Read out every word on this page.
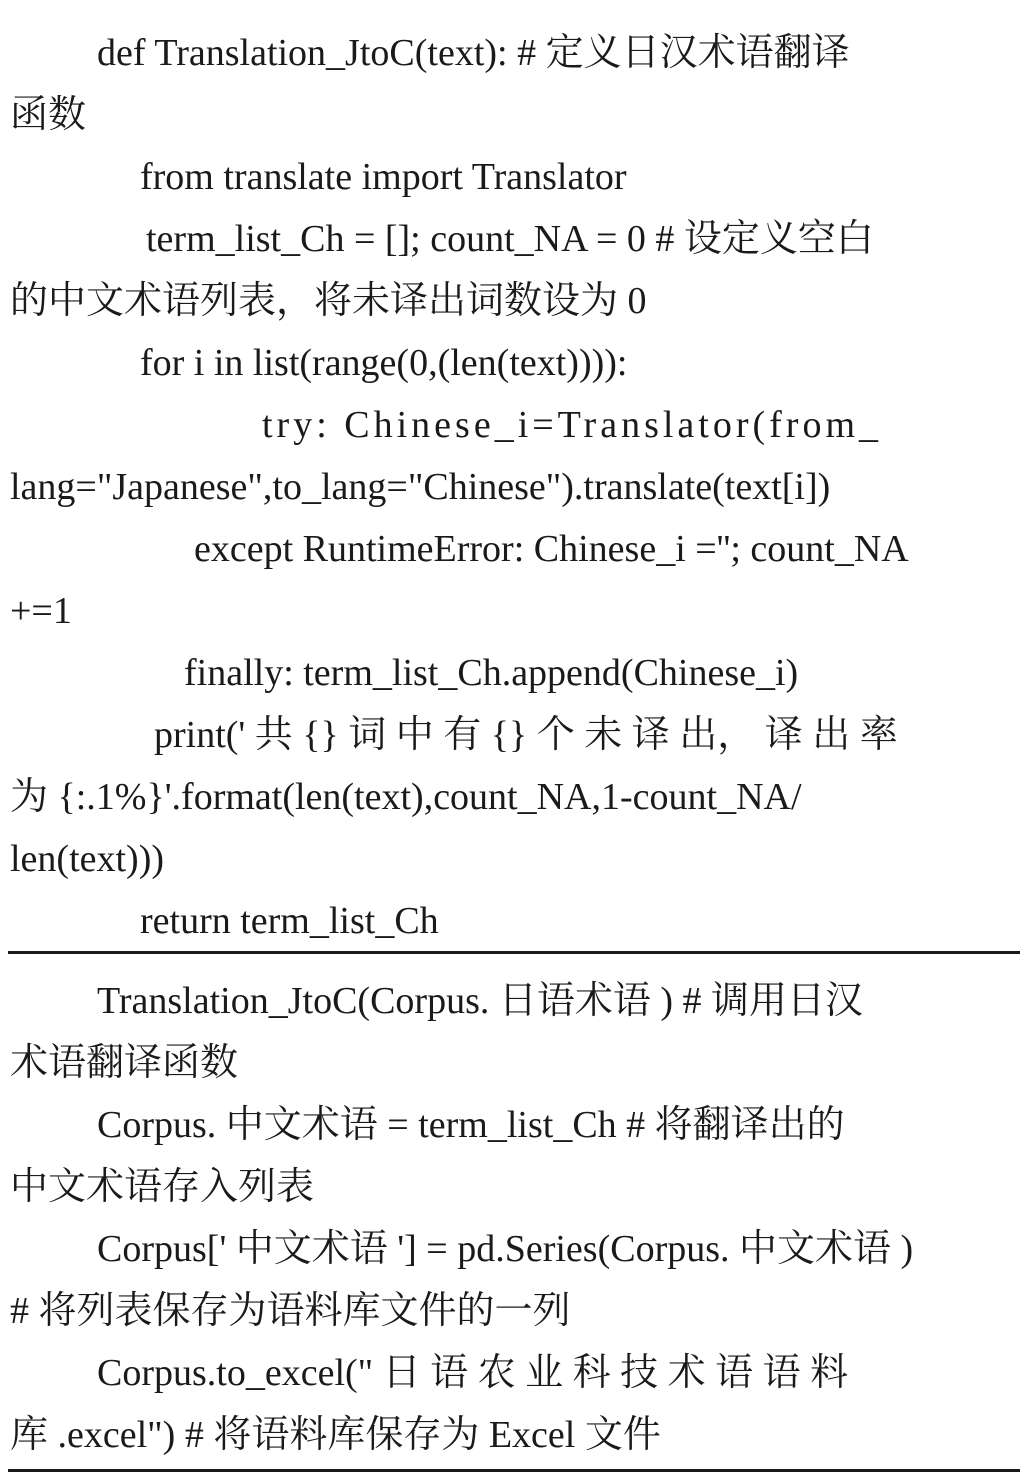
def Translation_JtoC(text): # 定义日汉术语翻译
函数
from translate import Translator
term_list_Ch = []; count_NA = 0 # 设定义空白
的中文术语列表，将未译出词数设为 0
for i in list(range(0,(len(text)))):
try: Chinese_i=Translator(from_
lang="Japanese",to_lang="Chinese").translate(text[i])
except RuntimeError: Chinese_i =''; count_NA
+=1
finally: term_list_Ch.append(Chinese_i)
print(' 共 {} 词 中 有 {} 个 未 译 出， 译 出 率
为 {:.1%}'.format(len(text),count_NA,1-count_NA/
len(text)))
return term_list_Ch
Translation_JtoC(Corpus. 日语术语 ) # 调用日汉
术语翻译函数
Corpus. 中文术语 = term_list_Ch # 将翻译出的
中文术语存入列表
Corpus[' 中文术语 '] = pd.Series(Corpus. 中文术语 )
# 将列表保存为语料库文件的一列
Corpus.to_excel(" 日 语 农 业 科 技 术 语 语 料
库 .excel") # 将语料库保存为 Excel 文件
